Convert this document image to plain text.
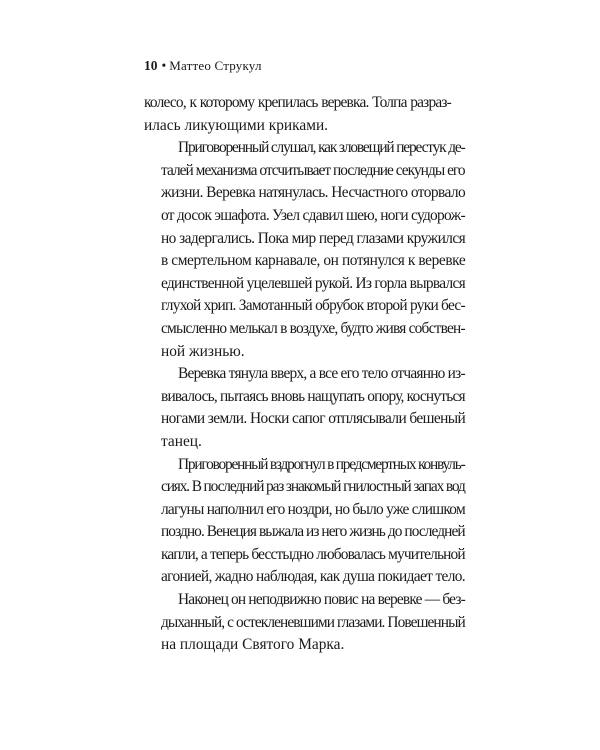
10 • Маттео Струкул

колесо, к которому крепилась веревка. Толпа разраз-
илась ликующими криками.

Приговоренный слушал, как зловещий перестук де-
талей механизма отсчитывает последние секунды его
жизни. Веревка натянулась. Несчастного оторвало
от досок эшафота. Узел сдавил шею, ноги судорож-
но задергались. Пока мир перед глазами кружился
в смертельном карнавале, он потянулся к веревке
единственной уцелевшей рукой. Из горла вырвался
глухой хрип. Замотанный обрубок второй руки бес-
смысленно мелькал в воздухе, будто живя собствен-
ной жизнью.

Веревка тянула вверх, а все его тело отчаянно из-
вивалось, пытаясь вновь нащупать опору, коснуться
ногами земли. Носки сапог отплясывали бешеный
танец.

Приговоренный вздрогнул в предсмертных конвуль-
сиях. В последний раз знакомый гнилостный запах вод
лагуны наполнил его ноздри, но было уже слишком
поздно. Венеция выжала из него жизнь до последней
капли, а теперь бесстыдно любовалась мучительной
агонией, жадно наблюдая, как душа покидает тело.

Наконец он неподвижно повис на веревке — без-
дыханный, с остекленевшими глазами. Повешенный
на площади Святого Марка.
